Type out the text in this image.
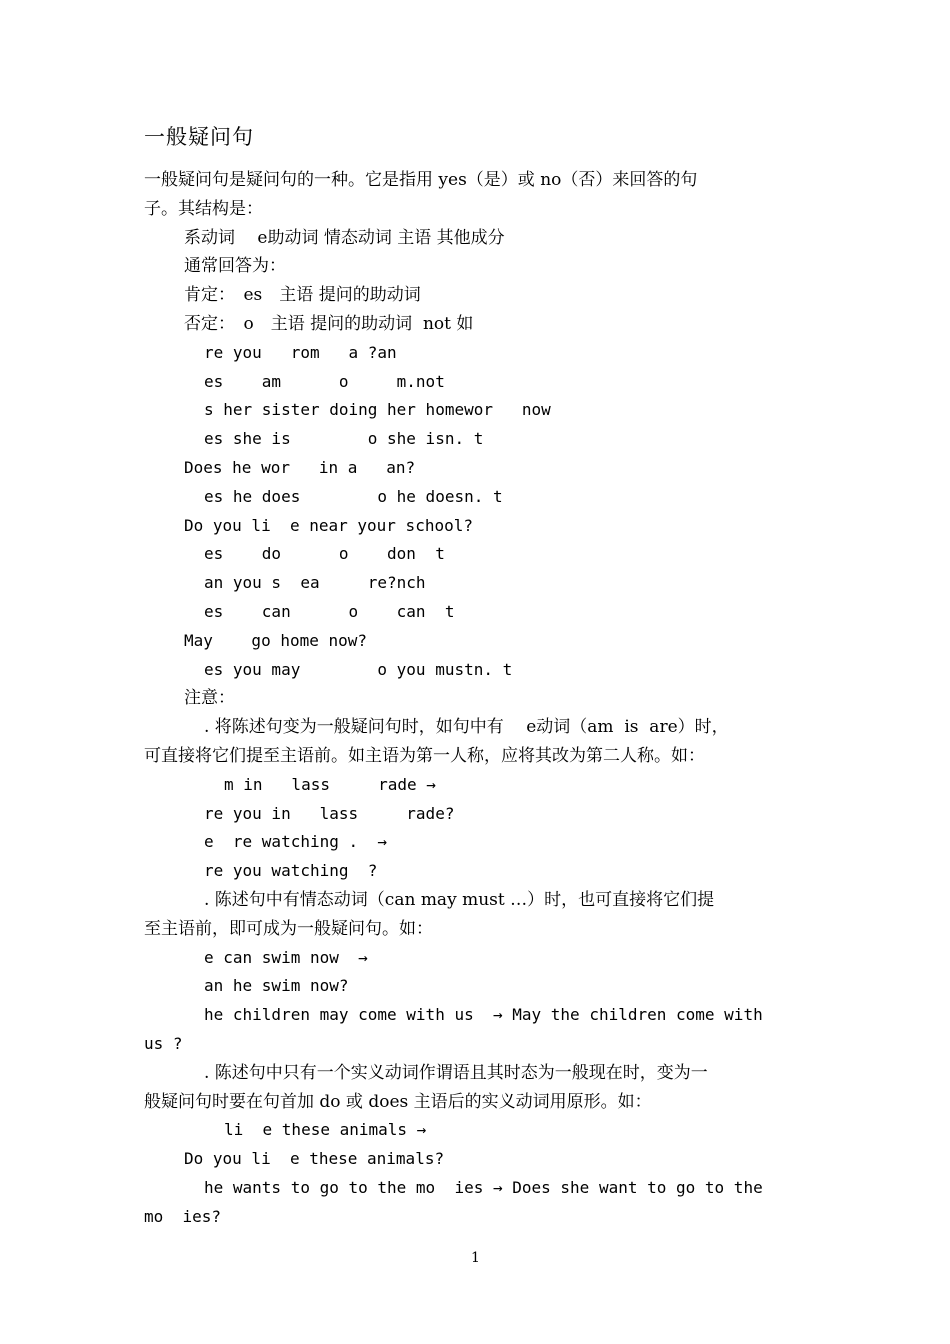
一般疑问句
一般疑问句是疑问句的一种。它是指用 yes（是）或 no（否）来回答的句
子。其结构是：
系动词　 e助动词 情态动词 主语 其他成分
通常回答为：
肯定：　es　主语 提问的助动词
否定：　o　主语 提问的助动词  not 如
re you   rom   a ?an
es    am      o     m.not
s her sister doing her homewor   now
es she is        o she isn. t
Does he wor   in a   an?
es he does        o he doesn. t
Do you li  e near your school?
es    do      o    don  t
an you s  ea     re?nch
es    can      o    can  t
May    go home now?
es you may        o you mustn. t
注意：
. 将陈述句变为一般疑问句时，如句中有　 e动词（am  is  are）时，
可直接将它们提至主语前。如主语为第一人称，应将其改为第二人称。如：
m in   lass     rade →
re you in   lass     rade?
e  re watching .  →
re you watching  ?
. 陈述句中有情态动词（can may must …）时，也可直接将它们提
至主语前，即可成为一般疑问句。如：
e can swim now  →
an he swim now?
he children may come with us  → May the children come with
us ?
. 陈述句中只有一个实义动词作谓语且其时态为一般现在时，变为一
般疑问句时要在句首加 do 或 does 主语后的实义动词用原形。如：
li  e these animals →
Do you li  e these animals?
he wants to go to the mo  ies → Does she want to go to the
mo  ies?
1
